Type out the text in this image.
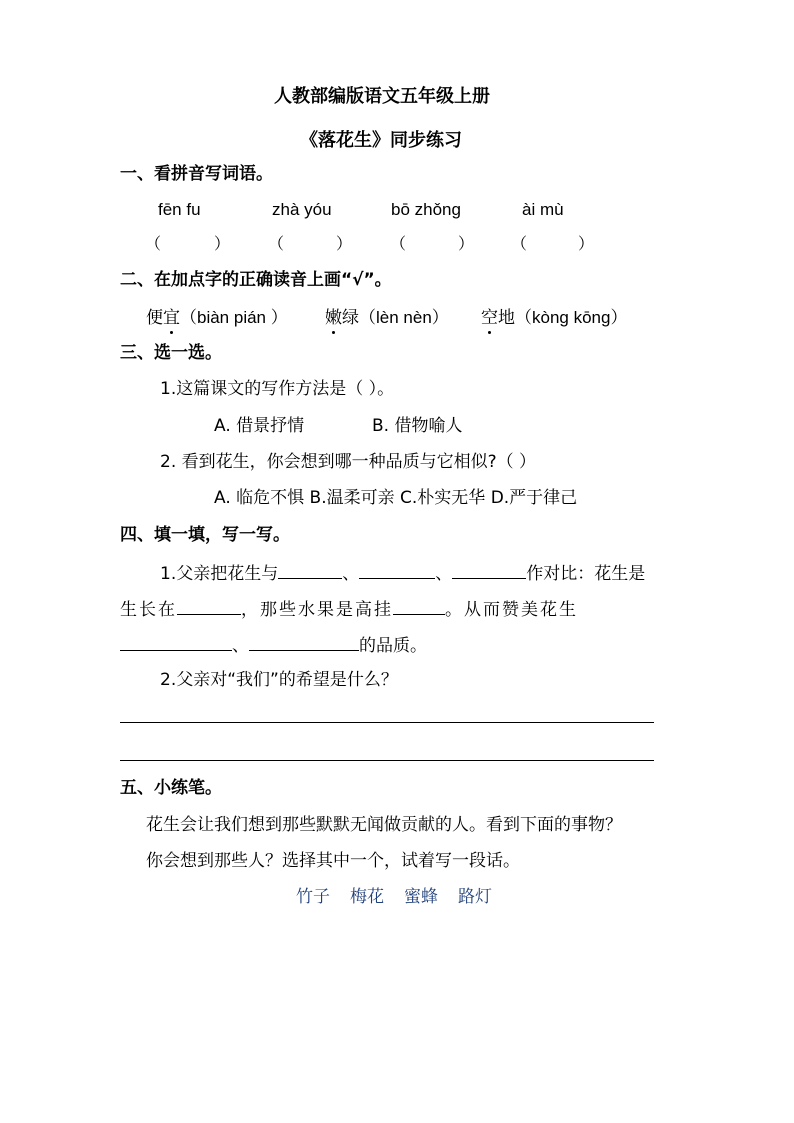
人教部编版语文五年级上册
《落花生》同步练习
一、看拼音写词语。
fēn fu	zhà yóu	bō zhǒng	ài mù
（	） （	） （	） （	）
二、在加点字的正确读音上画“√”。
便宜（biàn pián ） 嫩绿（lèn nèn） 空地（kòng kōng）
三、选一选。
1.这篇课文的写作方法是（ ）。
A. 借景抒情	B. 借物喻人
2. 看到花生，你会想到哪一种品质与它相似?（ ）
A. 临危不惧 B.温柔可亲 C.朴实无华 D.严于律己
四、填一填，写一写。
1.父亲把花生与	、	、	作对比：花生是
生长在	，那些水果是高挂	。从而赞美花生
、	的品质。
2.父亲对“我们”的希望是什么？
五、小练笔。
花生会让我们想到那些默默无闻做贡献的人。看到下面的事物？
你会想到那些人？选择其中一个，试着写一段话。
竹子 梅花 蜜蜂 路灯
